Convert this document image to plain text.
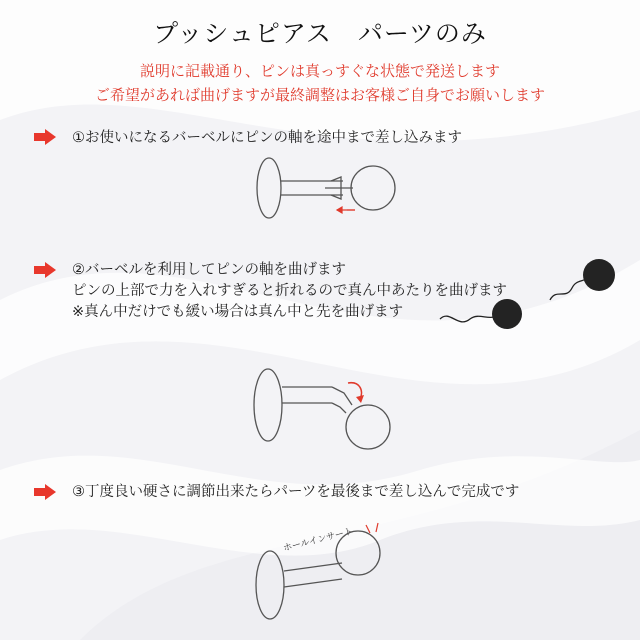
プッシュピアス　パーツのみ
説明に記載通り、ピンは真っすぐな状態で発送します
ご希望があれば曲げますが最終調整はお客様ご自身でお願いします
①お使いになるバーベルにピンの軸を途中まで差し込みます
②バーベルを利用してピンの軸を曲げます
ピンの上部で力を入れすぎると折れるので真ん中あたりを曲げます
※真ん中だけでも緩い場合は真ん中と先を曲げます
③丁度良い硬さに調節出来たらパーツを最後まで差し込んで完成です
ホールインサート
